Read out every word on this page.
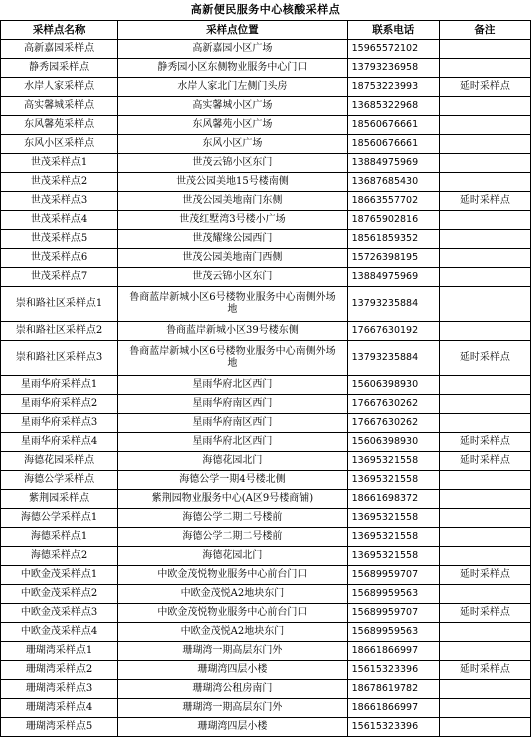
高新便民服务中心核酸采样点
采样点名称	采样点位置	联系电话	备注
高新嘉园采样点	高新嘉园小区广场	15965572102	
静秀园采样点	静秀园小区东侧物业服务中心门口	13793236958	
水岸人家采样点	水岸人家北门左侧门头房	18753223993	延时采样点
高实馨城采样点	高实馨城小区广场	13685322968	
东风馨苑采样点	东风馨苑小区广场	18560676661	
东风小区采样点	东风小区广场	18560676661	
世茂采样点1	世茂云锦小区东门	13884975969	
世茂采样点2	世茂公园美地15号楼南侧	13687685430	
世茂采样点3	世茂公园美地南门东侧	18663557702	延时采样点
世茂采样点4	世茂红墅湾3号楼小广场	18765902816	
世茂采样点5	世茂耀缘公园西门	18561859352	
世茂采样点6	世茂公园美地南门西侧	15726398195	
世茂采样点7	世茂云锦小区东门	13884975969	
崇和路社区采样点1	鲁商蓝岸新城小区6号楼物业服务中心南侧外场地	13793235884	
崇和路社区采样点2	鲁商蓝岸新城小区39号楼东侧	17667630192	
崇和路社区采样点3	鲁商蓝岸新城小区6号楼物业服务中心南侧外场地	13793235884	延时采样点
星雨华府采样点1	星雨华府北区西门	15606398930	
星雨华府采样点2	星雨华府南区西门	17667630262	
星雨华府采样点3	星雨华府南区西门	17667630262	
星雨华府采样点4	星雨华府北区西门	15606398930	延时采样点
海德花园采样点	海德花园北门	13695321558	延时采样点
海德公学采样点	海德公学一期4号楼北侧	13695321558	
紫荆园采样点	紫荆园物业服务中心(A区9号楼商铺)	18661698372	
海德公学采样点1	海德公学二期二号楼前	13695321558	
海德采样点1	海德公学二期二号楼前	13695321558	
海德采样点2	海德花园北门	13695321558	
中欧金茂采样点1	中欧金茂悦物业服务中心前台门口	15689959707	延时采样点
中欧金茂采样点2	中欧金茂悦A2地块东门	15689959563	
中欧金茂采样点3	中欧金茂悦物业服务中心前台门口	15689959707	延时采样点
中欧金茂采样点4	中欧金茂悦A2地块东门	15689959563	
珊瑚湾采样点1	珊瑚湾一期高层东门外	18661866997	
珊瑚湾采样点2	珊瑚湾四层小楼	15615323396	延时采样点
珊瑚湾采样点3	珊瑚湾公租房南门	18678619782	
珊瑚湾采样点4	珊瑚湾一期高层东门外	18661866997	
珊瑚湾采样点5	珊瑚湾四层小楼	15615323396	
